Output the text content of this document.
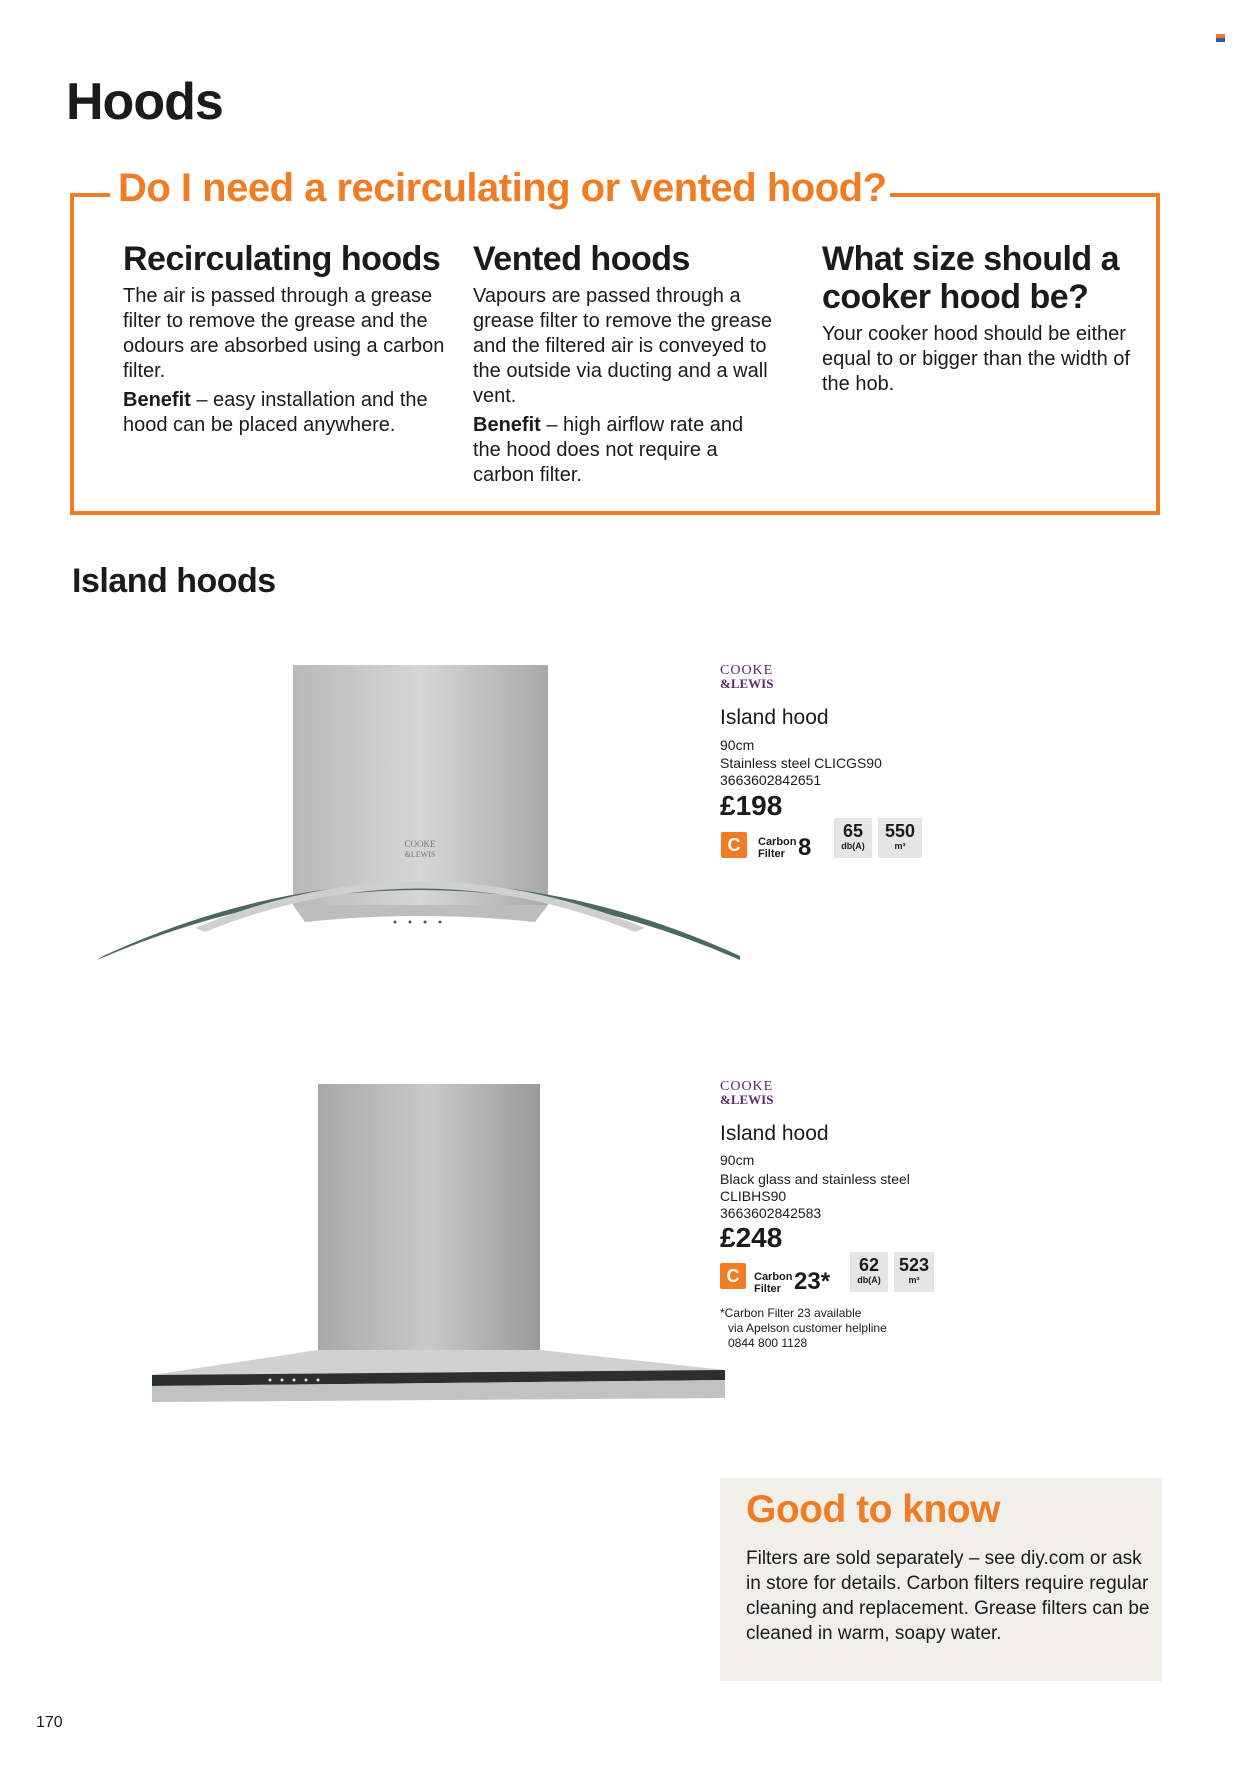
Hoods
Do I need a recirculating or vented hood?
Recirculating hoods

The air is passed through a grease filter to remove the grease and the odours are absorbed using a carbon filter.

Benefit – easy installation and the hood can be placed anywhere.

Vented hoods

Vapours are passed through a grease filter to remove the grease and the filtered air is conveyed to the outside via ducting and a wall vent.

Benefit – high airflow rate and the hood does not require a carbon filter.

What size should a cooker hood be?

Your cooker hood should be either equal to or bigger than the width of the hob.

Island hoods
COOKE
&LEWIS
COOKE
&LEWIS
Island hood
90cm
Stainless steel CLICGS90
3663602842651
£198
C	Carbon Filter 8
65
db(A)
550
m³
COOKE
&LEWIS
Island hood
90cm
Black glass and stainless steel
CLIBHS90
3663602842583
£248
C	Carbon Filter 23*
62
db(A)
523
m³
*Carbon Filter 23 available
via Apelson customer helpline
0844 800 1128
Good to know

Filters are sold separately – see diy.com or ask in store for details. Carbon filters require regular cleaning and replacement. Grease filters can be cleaned in warm, soapy water.

170
